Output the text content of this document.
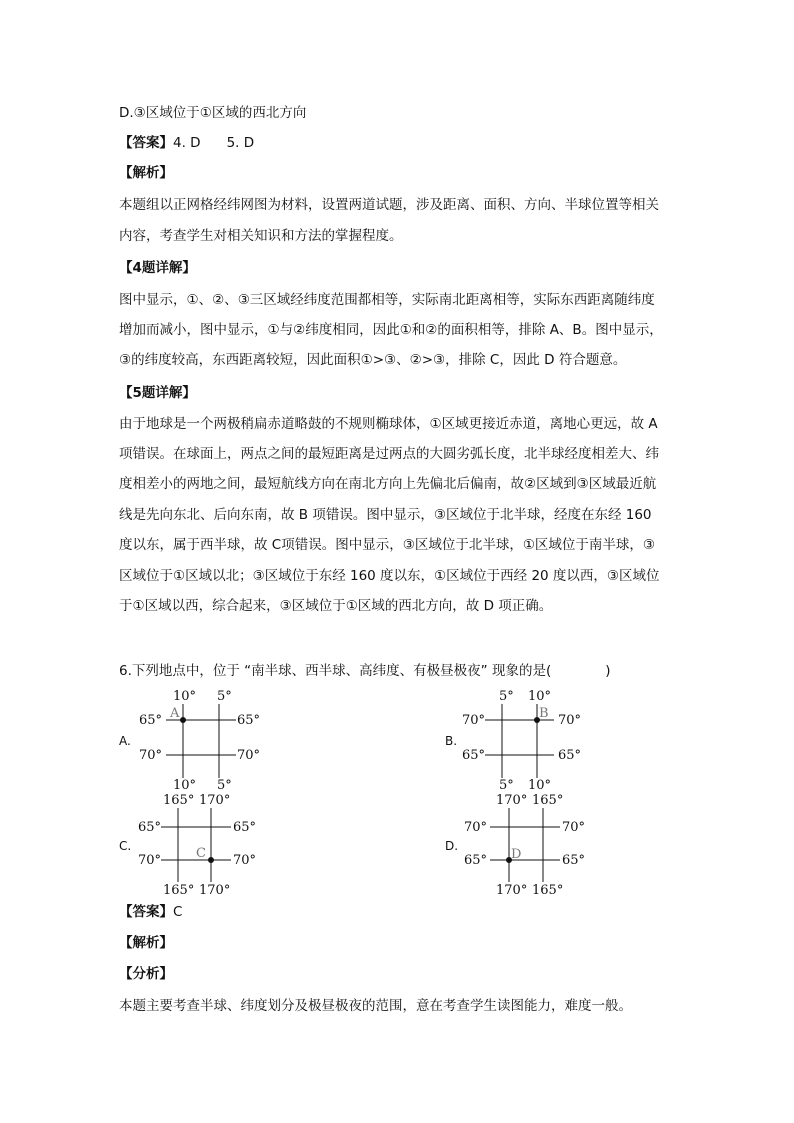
D.③区域位于①区域的西北方向
【答案】4. D 5. D
【解析】
本题组以正网格经纬网图为材料，设置两道试题，涉及距离、面积、方向、半球位置等相关
内容，考查学生对相关知识和方法的掌握程度。
【4题详解】
图中显示，①、②、③三区域经纬度范围都相等，实际南北距离相等，实际东西距离随纬度
增加而减小，图中显示，①与②纬度相同，因此①和②的面积相等，排除 A、B。图中显示，
③的纬度较高，东西距离较短，因此面积①>③、②>③，排除 C，因此 D 符合题意。
【5题详解】
由于地球是一个两极稍扁赤道略鼓的不规则椭球体，①区域更接近赤道，离地心更远，故 A
项错误。在球面上，两点之间的最短距离是过两点的大圆劣弧长度，北半球经度相差大、纬
度相差小的两地之间，最短航线方向在南北方向上先偏北后偏南，故②区域到③区域最近航
线是先向东北、后向东南，故 B 项错误。图中显示，③区域位于北半球，经度在东经 160
度以东，属于西半球，故 C项错误。图中显示，③区域位于北半球，①区域位于南半球，③
区域位于①区域以北；③区域位于东经 160 度以东，①区域位于西经 20 度以西，③区域位
于①区域以西，综合起来，③区域位于①区域的西北方向，故 D 项正确。
6.下列地点中，位于 “南半球、西半球、高纬度、有极昼极夜” 现象的是(　　　　)
A.
10° 5°
10° 5°
65°
70°
65°
70°
A
B.
5° 10°
5° 10°
70°
65°
70°
65°
B
C.
165° 170°
165° 170°
65°
70°
65°
70°
C	D.
170° 165°
170° 165°
70°
65°
70°
65°
D
【答案】C
【解析】
【分析】
本题主要考查半球、纬度划分及极昼极夜的范围，意在考查学生读图能力，难度一般。
